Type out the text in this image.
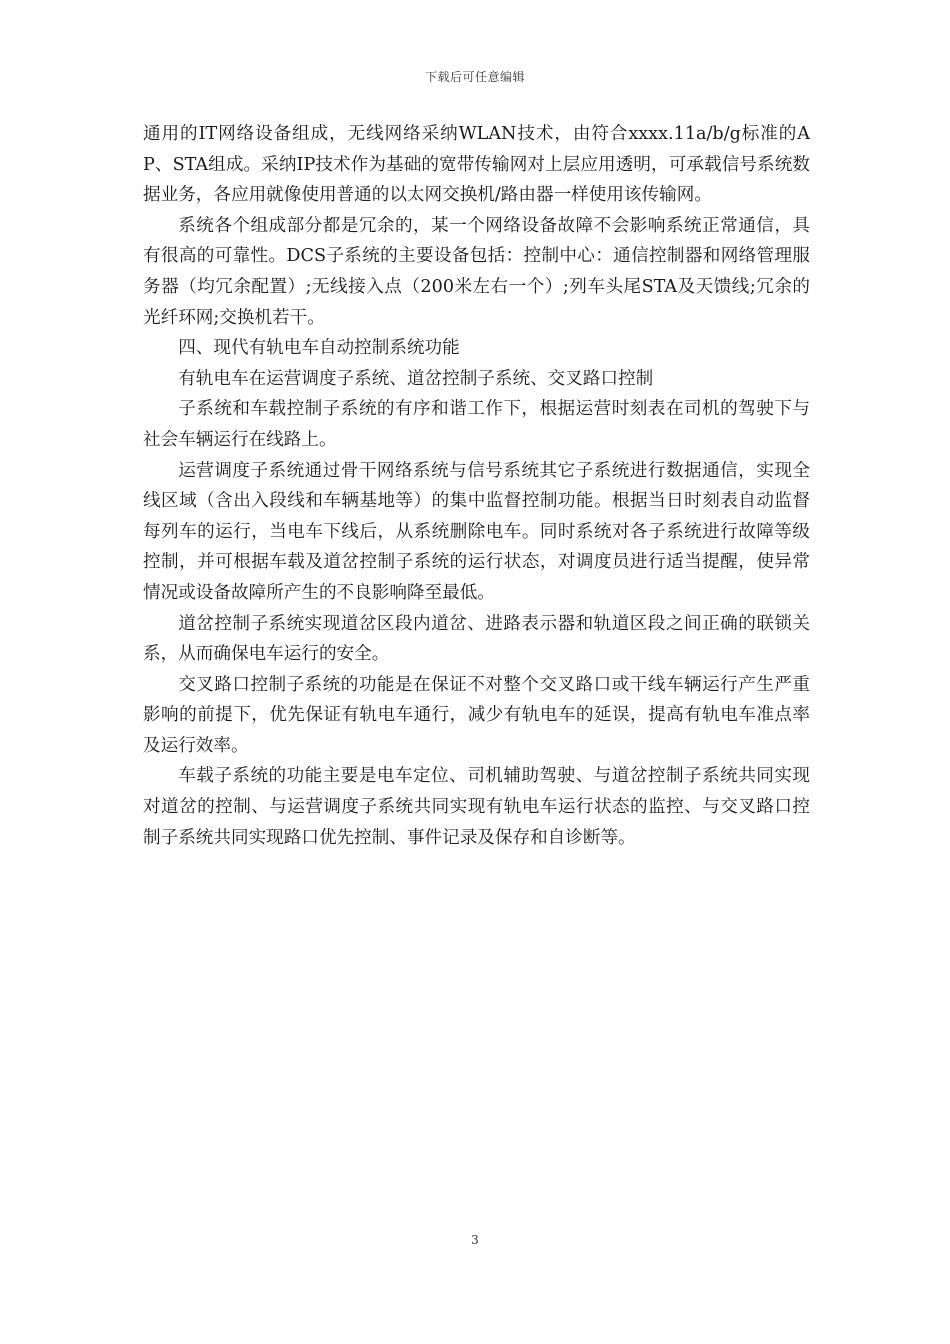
下载后可任意编辑

通用的IT网络设备组成，无线网络采纳WLAN技术，由符合xxxx.11a/b/g标准的AP、STA组成。采纳IP技术作为基础的宽带传输网对上层应用透明，可承载信号系统数据业务，各应用就像使用普通的以太网交换机/路由器一样使用该传输网。

系统各个组成部分都是冗余的，某一个网络设备故障不会影响系统正常通信，具有很高的可靠性。DCS子系统的主要设备包括：控制中心：通信控制器和网络管理服务器（均冗余配置）;无线接入点（200米左右一个）;列车头尾STA及天馈线;冗余的光纤环网;交换机若干。

四、现代有轨电车自动控制系统功能

有轨电车在运营调度子系统、道岔控制子系统、交叉路口控制

子系统和车载控制子系统的有序和谐工作下，根据运营时刻表在司机的驾驶下与社会车辆运行在线路上。

运营调度子系统通过骨干网络系统与信号系统其它子系统进行数据通信，实现全线区域（含出入段线和车辆基地等）的集中监督控制功能。根据当日时刻表自动监督每列车的运行，当电车下线后，从系统删除电车。同时系统对各子系统进行故障等级控制，并可根据车载及道岔控制子系统的运行状态，对调度员进行适当提醒，使异常情况或设备故障所产生的不良影响降至最低。

道岔控制子系统实现道岔区段内道岔、进路表示器和轨道区段之间正确的联锁关系，从而确保电车运行的安全。

交叉路口控制子系统的功能是在保证不对整个交叉路口或干线车辆运行产生严重影响的前提下，优先保证有轨电车通行，减少有轨电车的延误，提高有轨电车准点率及运行效率。

车载子系统的功能主要是电车定位、司机辅助驾驶、与道岔控制子系统共同实现对道岔的控制、与运营调度子系统共同实现有轨电车运行状态的监控、与交叉路口控制子系统共同实现路口优先控制、事件记录及保存和自诊断等。

3
